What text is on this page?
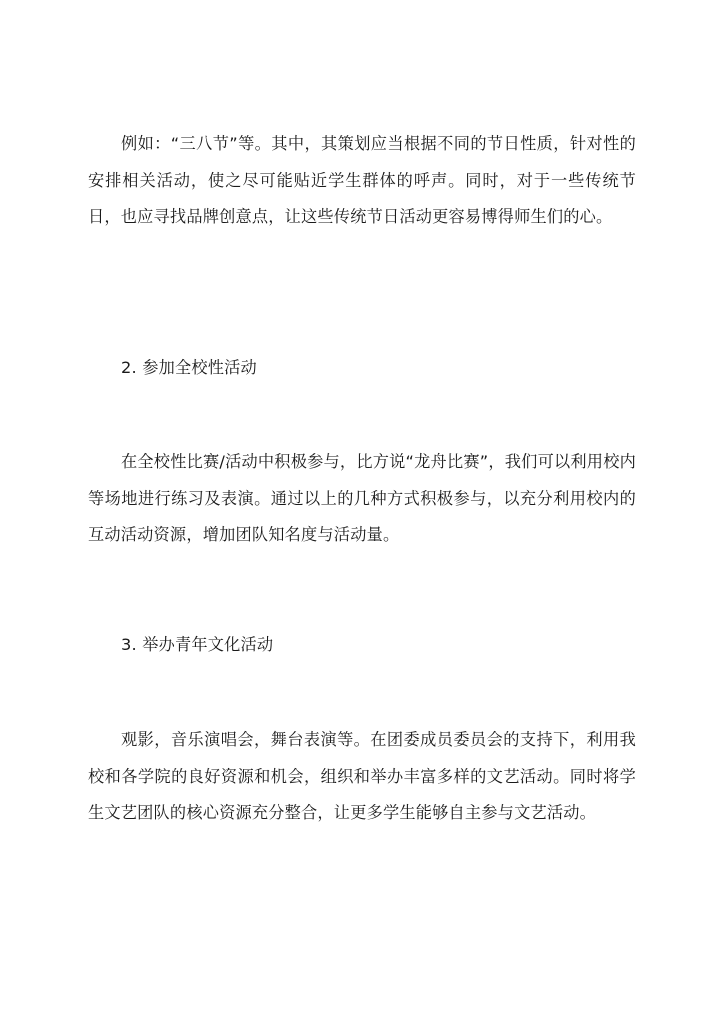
例如：“三八节”等。其中，其策划应当根据不同的节日性质，针对性的安排相关活动，使之尽可能贴近学生群体的呼声。同时，对于一些传统节日，也应寻找品牌创意点，让这些传统节日活动更容易博得师生们的心。

2. 参加全校性活动

在全校性比赛/活动中积极参与，比方说“龙舟比赛”，我们可以利用校内等场地进行练习及表演。通过以上的几种方式积极参与，以充分利用校内的互动活动资源，增加团队知名度与活动量。

3. 举办青年文化活动

观影，音乐演唱会，舞台表演等。在团委成员委员会的支持下，利用我校和各学院的良好资源和机会，组织和举办丰富多样的文艺活动。同时将学生文艺团队的核心资源充分整合，让更多学生能够自主参与文艺活动。
